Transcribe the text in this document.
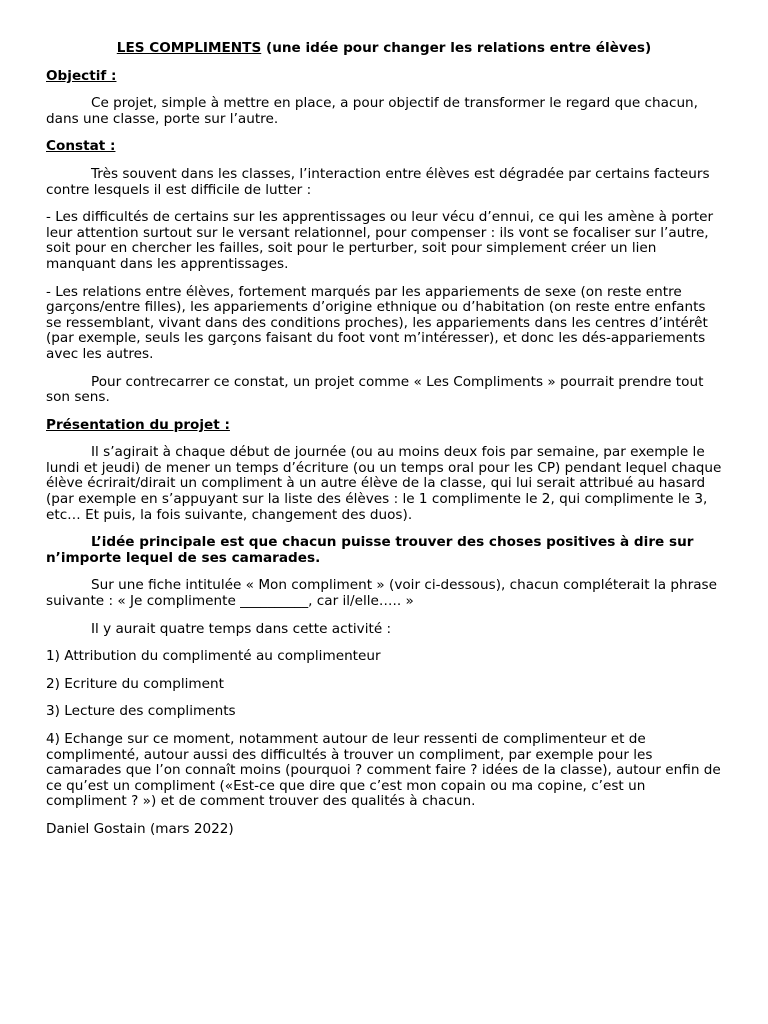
LES COMPLIMENTS (une idée pour changer les relations entre élèves)

Objectif :

Ce projet, simple à mettre en place, a pour objectif de transformer le regard que chacun, dans une classe, porte sur l’autre.

Constat :

Très souvent dans les classes, l’interaction entre élèves est dégradée par certains facteurs contre lesquels il est difficile de lutter :

- Les difficultés de certains sur les apprentissages ou leur vécu d’ennui, ce qui les amène à porter leur attention surtout sur le versant relationnel, pour compenser : ils vont se focaliser sur l’autre, soit pour en chercher les failles, soit pour le perturber, soit pour simplement créer un lien manquant dans les apprentissages.

- Les relations entre élèves, fortement marqués par les appariements de sexe (on reste entre garçons/entre filles), les appariements d’origine ethnique ou d’habitation (on reste entre enfants se ressemblant, vivant dans des conditions proches), les appariements dans les centres d’intérêt (par exemple, seuls les garçons faisant du foot vont m’intéresser), et donc les dés-appariements avec les autres.

Pour contrecarrer ce constat, un projet comme « Les Compliments » pourrait prendre tout son sens.

Présentation du projet :

Il s’agirait à chaque début de journée (ou au moins deux fois par semaine, par exemple le lundi et jeudi) de mener un temps d’écriture (ou un temps oral pour les CP) pendant lequel chaque élève écrirait/dirait un compliment à un autre élève de la classe, qui lui serait attribué au hasard (par exemple en s’appuyant sur la liste des élèves : le 1 complimente le 2, qui complimente le 3, etc… Et puis, la fois suivante, changement des duos).

L’idée principale est que chacun puisse trouver des choses positives à dire sur n’importe lequel de ses camarades.

Sur une fiche intitulée « Mon compliment » (voir ci-dessous), chacun compléterait la phrase suivante : « Je complimente __________, car il/elle….. »

Il y aurait quatre temps dans cette activité :

1) Attribution du complimenté au complimenteur

2) Ecriture du compliment

3) Lecture des compliments

4) Echange sur ce moment, notamment autour de leur ressenti de complimenteur et de complimenté, autour aussi des difficultés à trouver un compliment, par exemple pour les camarades que l’on connaît moins (pourquoi ? comment faire ? idées de la classe), autour enfin de ce qu’est un compliment («Est-ce que dire que c’est mon copain ou ma copine, c’est un compliment ? ») et de comment trouver des qualités à chacun.

Daniel Gostain (mars 2022)
